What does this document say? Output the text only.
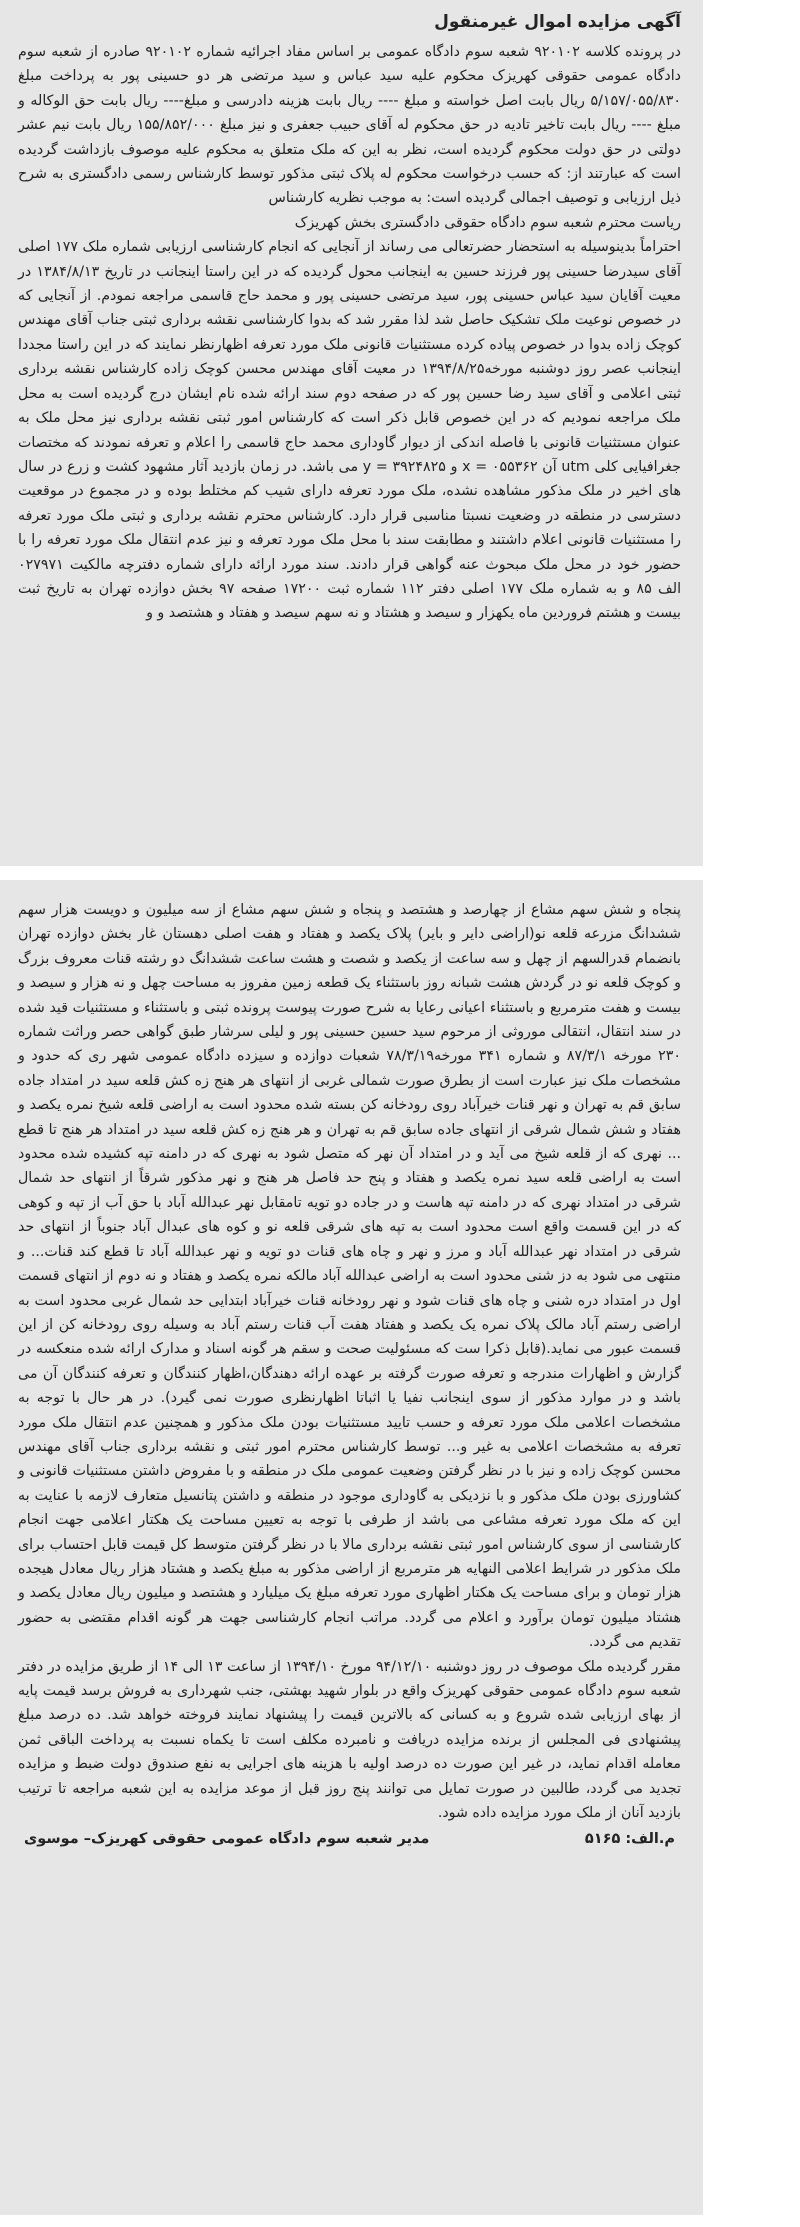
آگهی مزایده اموال غیرمنقول

در پرونده کلاسه ۹۲۰۱۰۲ شعبه سوم دادگاه عمومی بر اساس مفاد اجرائیه شماره ۹۲۰۱۰۲ صادره از شعبه سوم دادگاه عمومی حقوقی کهریزک محکوم علیه سید عباس و سید مرتضی هر دو حسینی پور به پرداخت مبلغ ۵/۱۵۷/۰۵۵/۸۳۰ ریال بابت اصل خواسته و مبلغ ---- ریال بابت هزینه دادرسی و مبلغ---- ریال بابت حق الوکاله و مبلغ ---- ریال بابت تاخیر تادیه در حق محکوم له آقای حبیب جعفری و نیز مبلغ ۱۵۵/۸۵۲/۰۰۰ ریال بابت نیم عشر دولتی در حق دولت محکوم گردیده است، نظر به این که ملک متعلق به محکوم علیه موصوف بازداشت گردیده است که عبارتند از: که حسب درخواست محکوم له پلاک ثبتی مذکور توسط کارشناس رسمی دادگستری به شرح ذیل ارزیابی و توصیف اجمالی گردیده است: به موجب نظریه کارشناس

ریاست محترم شعبه سوم دادگاه حقوقی دادگستری بخش کهریزک

احتراماً بدینوسیله به استحضار حضرتعالی می رساند از آنجایی که انجام کارشناسی ارزیابی شماره ملک ۱۷۷ اصلی آقای سیدرضا حسینی پور فرزند حسین به اینجانب محول گردیده که در این راستا اینجانب در تاریخ ۱۳۸۴/۸/۱۳ در معیت آقایان سید عباس حسینی پور، سید مرتضی حسینی پور و محمد حاج قاسمی مراجعه نمودم. از آنجایی که در خصوص نوعیت ملک تشکیک حاصل شد لذا مقرر شد که بدوا کارشناسی نقشه برداری ثبتی جناب آقای مهندس کوچک زاده بدوا در خصوص پیاده کرده مستثنیات قانونی ملک مورد تعرفه اظهارنظر نمایند که در این راستا مجددا اینجانب عصر روز دوشنبه مورخه۱۳۹۴/۸/۲۵ در معیت آقای مهندس محسن کوچک زاده کارشناس نقشه برداری ثبتی اعلامی و آقای سید رضا حسین پور که در صفحه دوم سند ارائه شده نام ایشان درج گردیده است به محل ملک مراجعه نمودیم که در این خصوص قابل ذکر است که کارشناس امور ثبتی نقشه برداری نیز محل ملک به عنوان مستثنیات قانونی با فاصله اندکی از دیوار گاوداری محمد حاج قاسمی را اعلام و تعرفه نمودند که مختصات جغرافیایی کلی utm آن ۰۵۵۳۶۲ = x و ۳۹۲۴۸۲۵ = y می باشد. در زمان بازدید آثار مشهود کشت و زرع در سال های اخیر در ملک مذکور مشاهده نشده، ملک مورد تعرفه دارای شیب کم مختلط بوده و در مجموع در موقعیت دسترسی در منطقه در وضعیت نسبتا مناسبی قرار دارد. کارشناس محترم نقشه برداری و ثبتی ملک مورد تعرفه را مستثنیات قانونی اعلام داشتند و مطابقت سند با محل ملک مورد تعرفه و نیز عدم انتقال ملک مورد تعرفه را با حضور خود در محل ملک مبحوث عنه گواهی قرار دادند. سند مورد ارائه دارای شماره دفترچه مالکیت ۰۲۷۹۷۱ الف ۸۵ و به شماره ملک ۱۷۷ اصلی دفتر ۱۱۲ شماره ثبت ۱۷۲۰۰ صفحه ۹۷ بخش دوازده تهران به تاریخ ثبت بیست و هشتم فروردین ماه یکهزار و سیصد و هشتاد و نه سهم سیصد و هفتاد و هشتصد و و

پنجاه و شش سهم مشاع از چهارصد و هشتصد و پنجاه و شش سهم مشاع از سه میلیون و دویست هزار سهم ششدانگ مزرعه قلعه نو(اراضی دایر و بایر) پلاک یکصد و هفتاد و هفت اصلی دهستان غار بخش دوازده تهران بانضمام قدرالسهم از چهل و سه ساعت از یکصد و شصت و هشت ساعت ششدانگ دو رشته قنات معروف بزرگ و کوچک قلعه نو در گردش هشت شبانه روز باستثناء یک قطعه زمین مفروز به مساحت چهل و نه هزار و سیصد و بیست و هفت مترمربع و باستثناء اعیانی رعایا به شرح صورت پیوست پرونده ثبتی و باستثناء و مستثنیات قید شده در سند انتقال، انتقالی موروثی از مرحوم سید حسین حسینی پور و لیلی سرشار طبق گواهی حصر وراثت شماره ۲۳۰ مورخه ۸۷/۳/۱ و شماره ۳۴۱ مورخه۷۸/۳/۱۹ شعبات دوازده و سیزده دادگاه عمومی شهر ری که حدود و مشخصات ملک نیز عبارت است از بطرق صورت شمالی غربی از انتهای هر هنج زه کش قلعه سید در امتداد جاده سابق قم به تهران و نهر قنات خیرآباد روی رودخانه کن بسته شده محدود است به اراضی قلعه شیخ نمره یکصد و هفتاد و شش شمال شرقی از انتهای جاده سابق قم به تهران و هر هنج زه کش قلعه سید در امتداد هر هنج تا قطع ... نهری که از قلعه شیخ می آید و در امتداد آن نهر که متصل شود به نهری که در دامنه تپه کشیده شده محدود است به اراضی قلعه سید نمره یکصد و هفتاد و پنج حد فاصل هر هنج و نهر مذکور شرقاً از انتهای حد شمال شرقی در امتداد نهری که در دامنه تپه هاست و در جاده دو تویه تامقابل نهر عبدالله آباد با حق آب از تپه و کوهی که در این قسمت واقع است محدود است به تپه های شرقی قلعه نو و کوه های عبدال آباد جنوباً از انتهای حد شرقی در امتداد نهر عبدالله آباد و مرز و نهر و چاه های قنات دو تویه و نهر عبدالله آباد تا قطع کند قنات... و منتهی می شود به دز شنی محدود است به اراضی عبدالله آباد مالکه نمره یکصد و هفتاد و نه دوم از انتهای قسمت اول در امتداد دره شنی و چاه های قنات شود و نهر رودخانه قنات خیرآباد ابتدایی حد شمال غربی محدود است به اراضی رستم آباد مالک پلاک نمره یک یکصد و هفتاد هفت آب قنات رستم آباد به وسیله روی رودخانه کن از این قسمت عبور می نماید.(قابل ذکرا ست که مسئولیت صحت و سقم هر گونه اسناد و مدارک ارائه شده منعکسه در گزارش و اظهارات مندرجه و تعرفه صورت گرفته بر عهده ارائه دهندگان،اظهار کنندگان و تعرفه کنندگان آن می باشد و در موارد مذکور از سوی اینجانب نفیا یا اثباتا اظهارنظری صورت نمی گیرد). در هر حال با توجه به مشخصات اعلامی ملک مورد تعرفه و حسب تایید مستثنیات بودن ملک مذکور و همچنین عدم انتقال ملک مورد تعرفه به مشخصات اعلامی به غیر و... توسط کارشناس محترم امور ثبتی و نقشه برداری جناب آقای مهندس محسن کوچک زاده و نیز با در نظر گرفتن وضعیت عمومی ملک در منطقه و با مفروض داشتن مستثنیات قانونی و کشاورزی بودن ملک مذکور و با نزدیکی به گاوداری موجود در منطقه و داشتن پتانسیل متعارف لازمه با عنایت به این که ملک مورد تعرفه مشاعی می باشد از طرفی با توجه به تعیین مساحت یک هکتار اعلامی جهت انجام کارشناسی از سوی کارشناس امور ثبتی نقشه برداری مالا با در نظر گرفتن متوسط کل قیمت قابل احتساب برای ملک مذکور در شرایط اعلامی النهایه هر مترمربع از اراضی مذکور به مبلغ یکصد و هشتاد هزار ریال معادل هیجده هزار تومان و برای مساحت یک هکتار اظهاری مورد تعرفه مبلغ یک میلیارد و هشتصد و میلیون ریال معادل یکصد و هشتاد میلیون تومان برآورد و اعلام می گردد. مراتب انجام کارشناسی جهت هر گونه اقدام مقتضی به حضور تقدیم می گردد.

مقرر گردیده ملک موصوف در روز دوشنبه ۹۴/۱۲/۱۰ مورخ ۱۳۹۴/۱۰ از ساعت ۱۳ الی ۱۴ از طریق مزایده در دفتر شعبه سوم دادگاه عمومی حقوقی کهریزک واقع در بلوار شهید بهشتی، جنب شهرداری به فروش برسد قیمت پایه از بهای ارزیابی شده شروع و به کسانی که بالاترین قیمت را پیشنهاد نمایند فروخته خواهد شد. ده درصد مبلغ پیشنهادی فی المجلس از برنده مزایده دریافت و نامبرده مکلف است تا یکماه نسبت به پرداخت الباقی ثمن معامله اقدام نماید، در غیر این صورت ده درصد اولیه با هزینه های اجرایی به نفع صندوق دولت ضبط و مزایده تجدید می گردد، طالبین در صورت تمایل می توانند پنج روز قبل از موعد مزایده به این شعبه مراجعه تا ترتیب بازدید آنان از ملک مورد مزایده داده شود.

م.الف: ۵۱۶۵
مدیر شعبه سوم دادگاه عمومی حقوقی کهریزک– موسوی
